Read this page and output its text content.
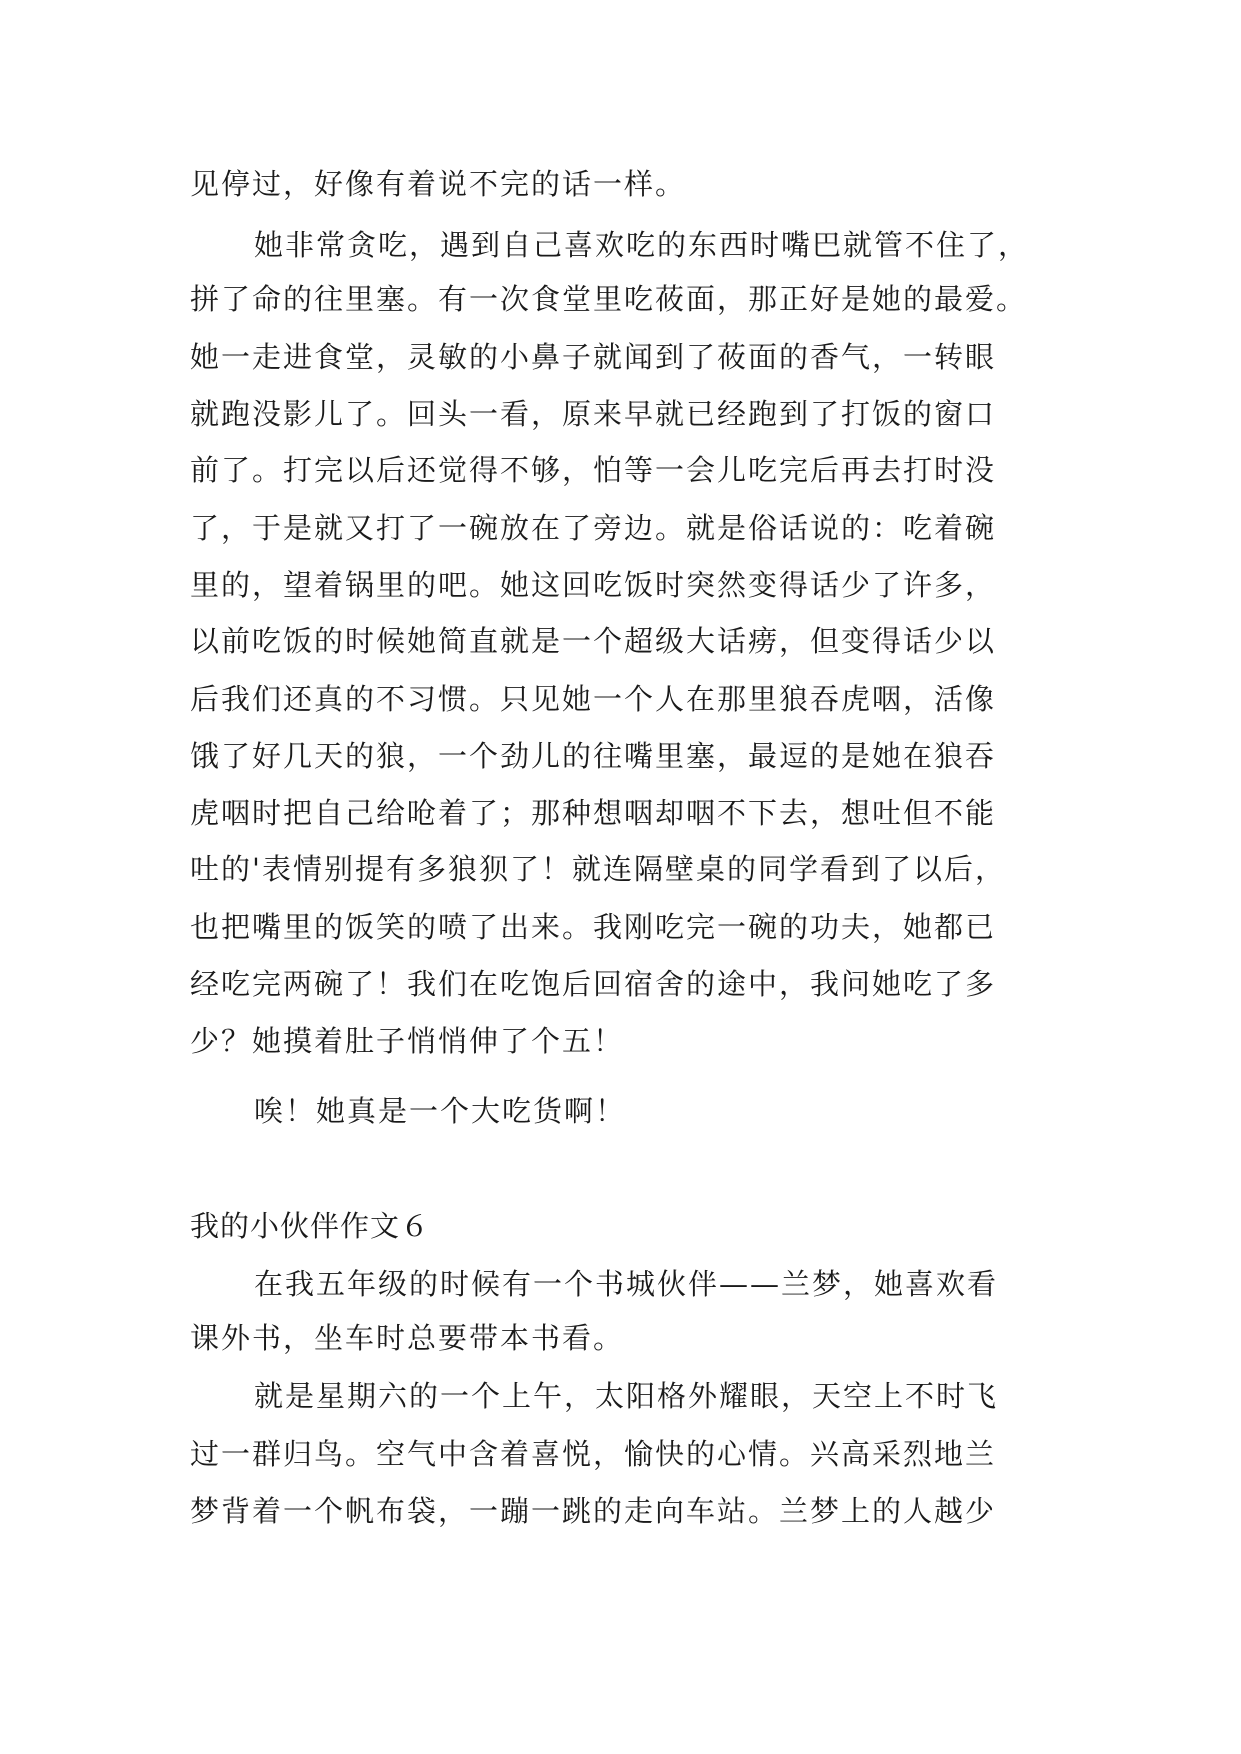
见停过，好像有着说不完的话一样。
她非常贪吃，遇到自己喜欢吃的东西时嘴巴就管不住了，
拼了命的往里塞。有一次食堂里吃莜面，那正好是她的最爱。
她一走进食堂，灵敏的小鼻子就闻到了莜面的香气，一转眼
就跑没影儿了。回头一看，原来早就已经跑到了打饭的窗口
前了。打完以后还觉得不够，怕等一会儿吃完后再去打时没
了，于是就又打了一碗放在了旁边。就是俗话说的：吃着碗
里的，望着锅里的吧。她这回吃饭时突然变得话少了许多，
以前吃饭的时候她简直就是一个超级大话痨，但变得话少以
后我们还真的不习惯。只见她一个人在那里狼吞虎咽，活像
饿了好几天的狼，一个劲儿的往嘴里塞，最逗的是她在狼吞
虎咽时把自己给呛着了；那种想咽却咽不下去，想吐但不能
吐的'表情别提有多狼狈了！就连隔壁桌的同学看到了以后，
也把嘴里的饭笑的喷了出来。我刚吃完一碗的功夫，她都已
经吃完两碗了！我们在吃饱后回宿舍的途中，我问她吃了多
少？她摸着肚子悄悄伸了个五！
唉！她真是一个大吃货啊！
我的小伙伴作文６
在我五年级的时候有一个书城伙伴——兰梦，她喜欢看
课外书，坐车时总要带本书看。
就是星期六的一个上午，太阳格外耀眼，天空上不时飞
过一群归鸟。空气中含着喜悦，愉快的心情。兴高采烈地兰
梦背着一个帆布袋，一蹦一跳的走向车站。兰梦上的人越少
